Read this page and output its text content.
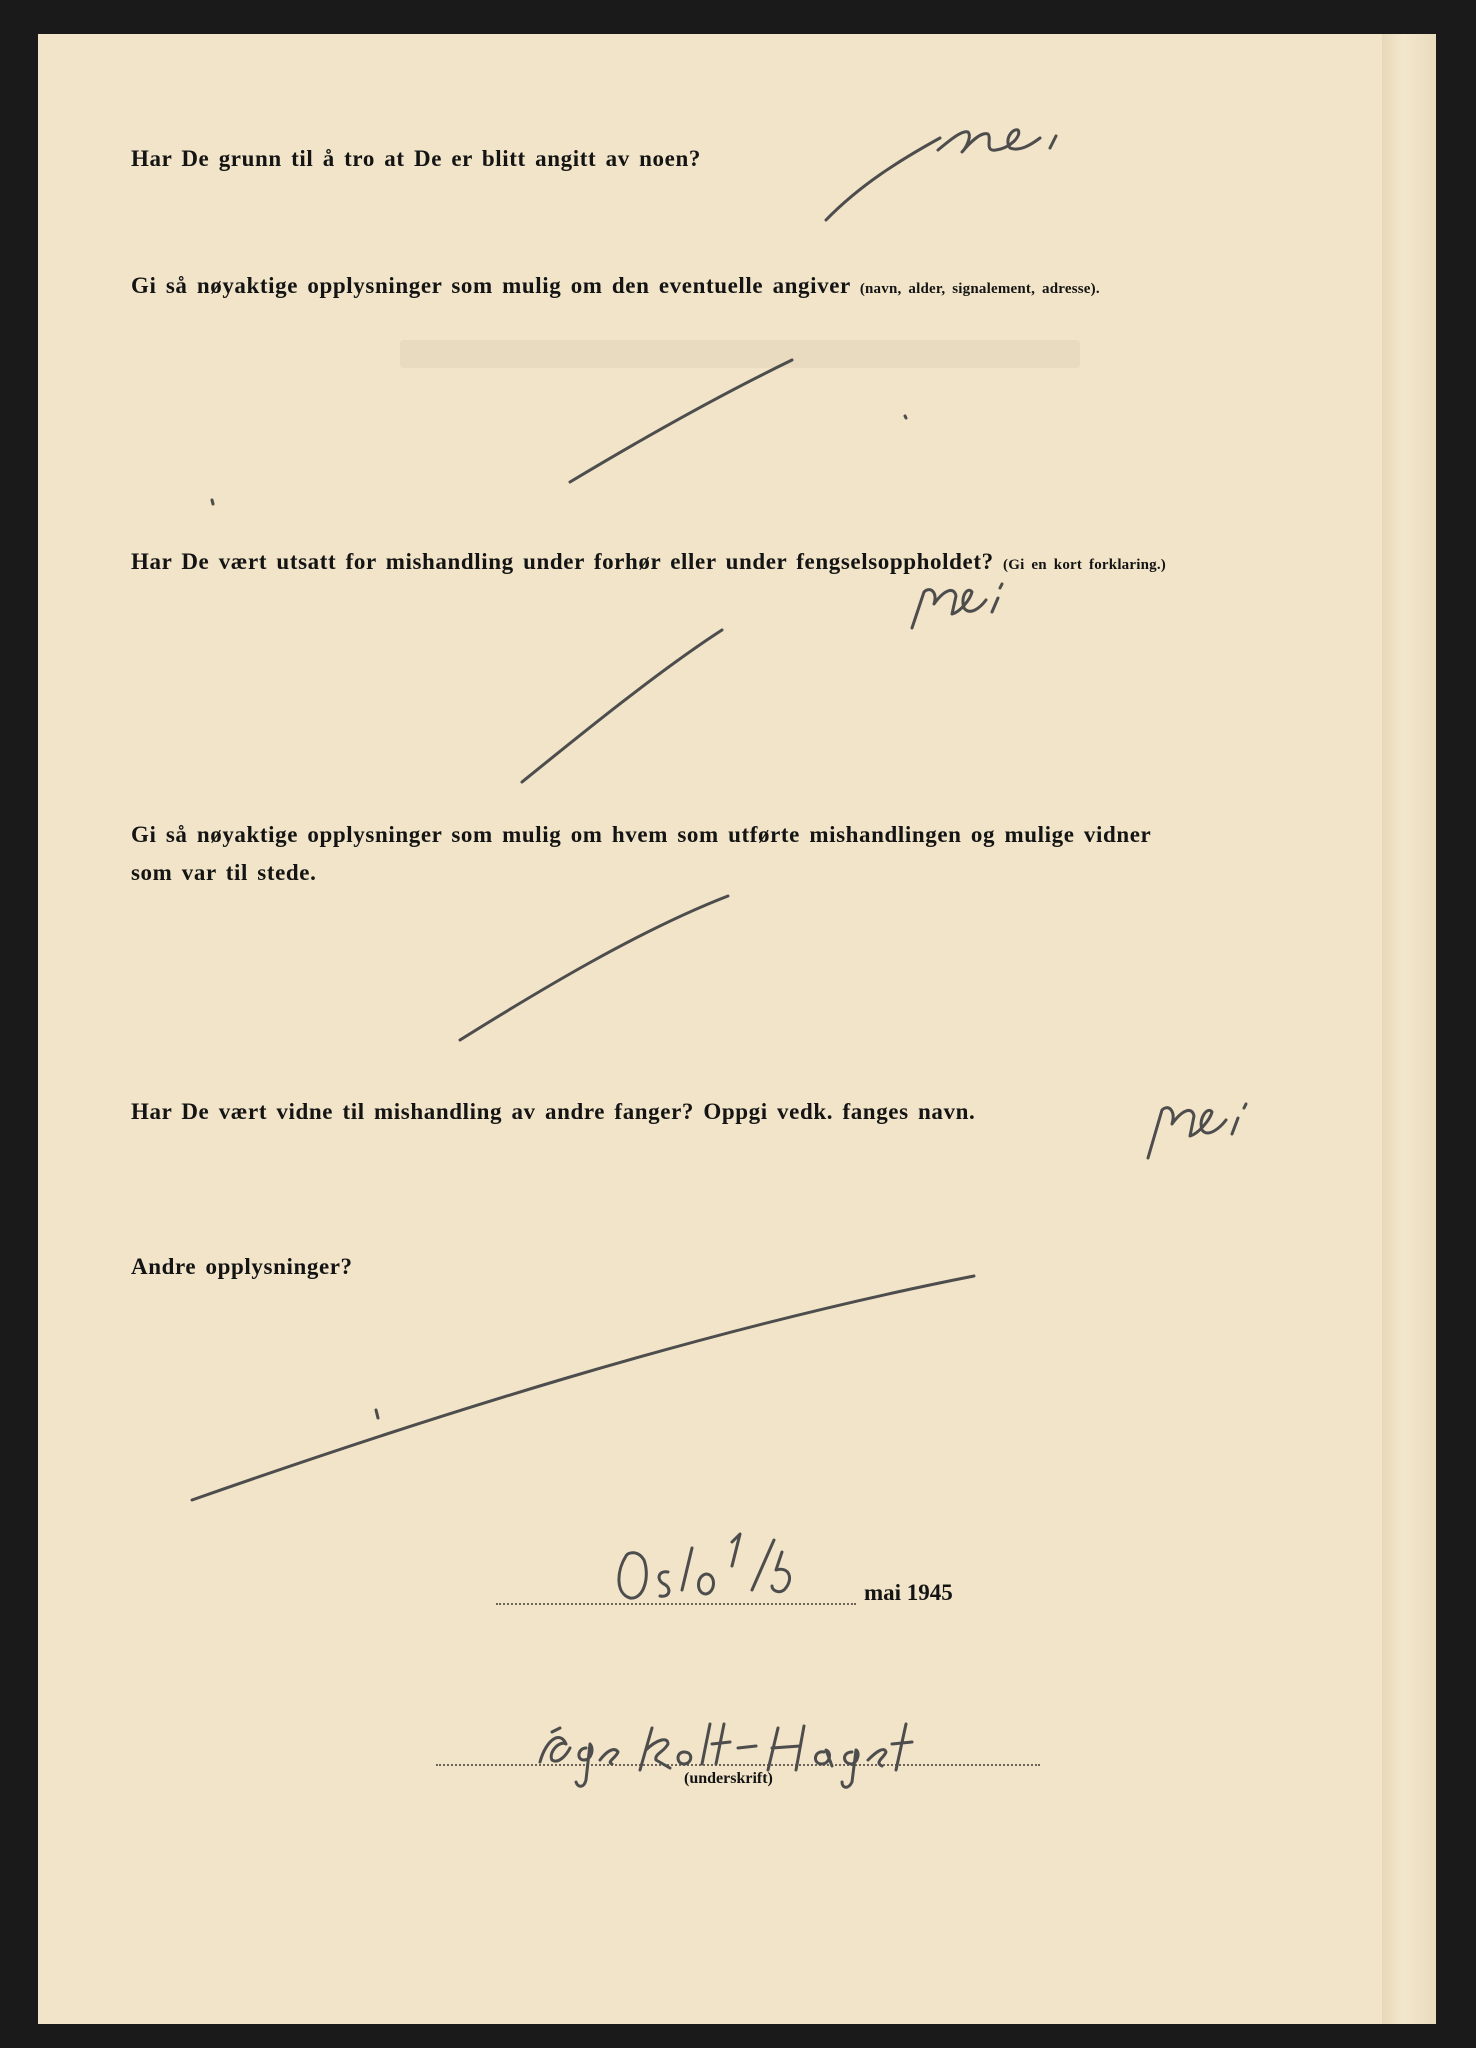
Har De grunn til å tro at De er blitt angitt av noen?

Gi så nøyaktige opplysninger som mulig om den eventuelle angiver (navn, alder, signalement, adresse).

Har De vært utsatt for mishandling under forhør eller under fengselsoppholdet? (Gi en kort forklaring.)

Gi så nøyaktige opplysninger som mulig om hvem som utførte mishandlingen og mulige vidner
som var til stede.

Har De vært vidne til mishandling av andre fanger? Oppgi vedk. fanges navn.

Andre opplysninger?

mai 1945

(underskrift)
